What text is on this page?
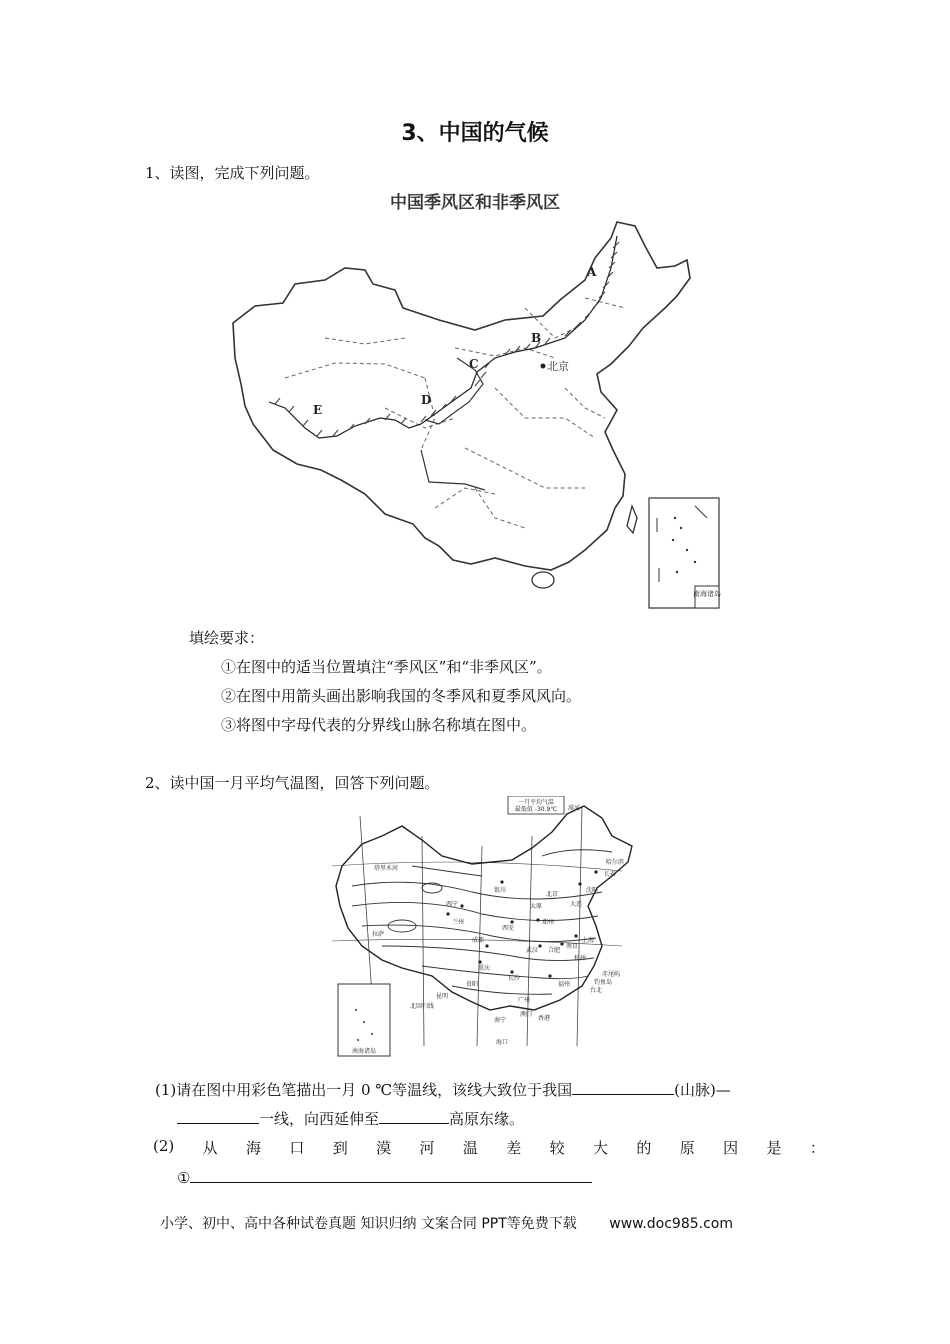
3、中国的气候
1、读图，完成下列问题。
中国季风区和非季风区
A
B
C
D
E
北京
南海诸岛
填绘要求：
①在图中的适当位置填注“季风区”和“非季风区”。
②在图中用箭头画出影响我国的冬季风和夏季风风向。
③将图中字母代表的分界线山脉名称填在图中。
2、读中国一月平均气温图，回答下列问题。
漠河
塔里木河
银川
西宁
兰州
西安
郑州
武汉 合肥
南京
上海
杭州
成都
重庆
长沙
贵阳
昆明
广州
南宁
福州
台北
海口
香港
澳门
沈阳
长春
哈尔滨
北京
太原	大连
拉萨
北回归线
赤尾屿
钓鱼岛
一月平均气温
最低值 -30.9℃
南海诸岛
(1)请在图中用彩色笔描出一月 0 ℃等温线，该线大致位于我国	(山脉)—
一线，向西延伸至	高原东缘。
(2) 从 海 口 到 漠 河 温 差 较 大 的 原 因 是 ：
①
小学、初中、高中各种试卷真题 知识归纳 文案合同 PPT等免费下载 www.doc985.com
